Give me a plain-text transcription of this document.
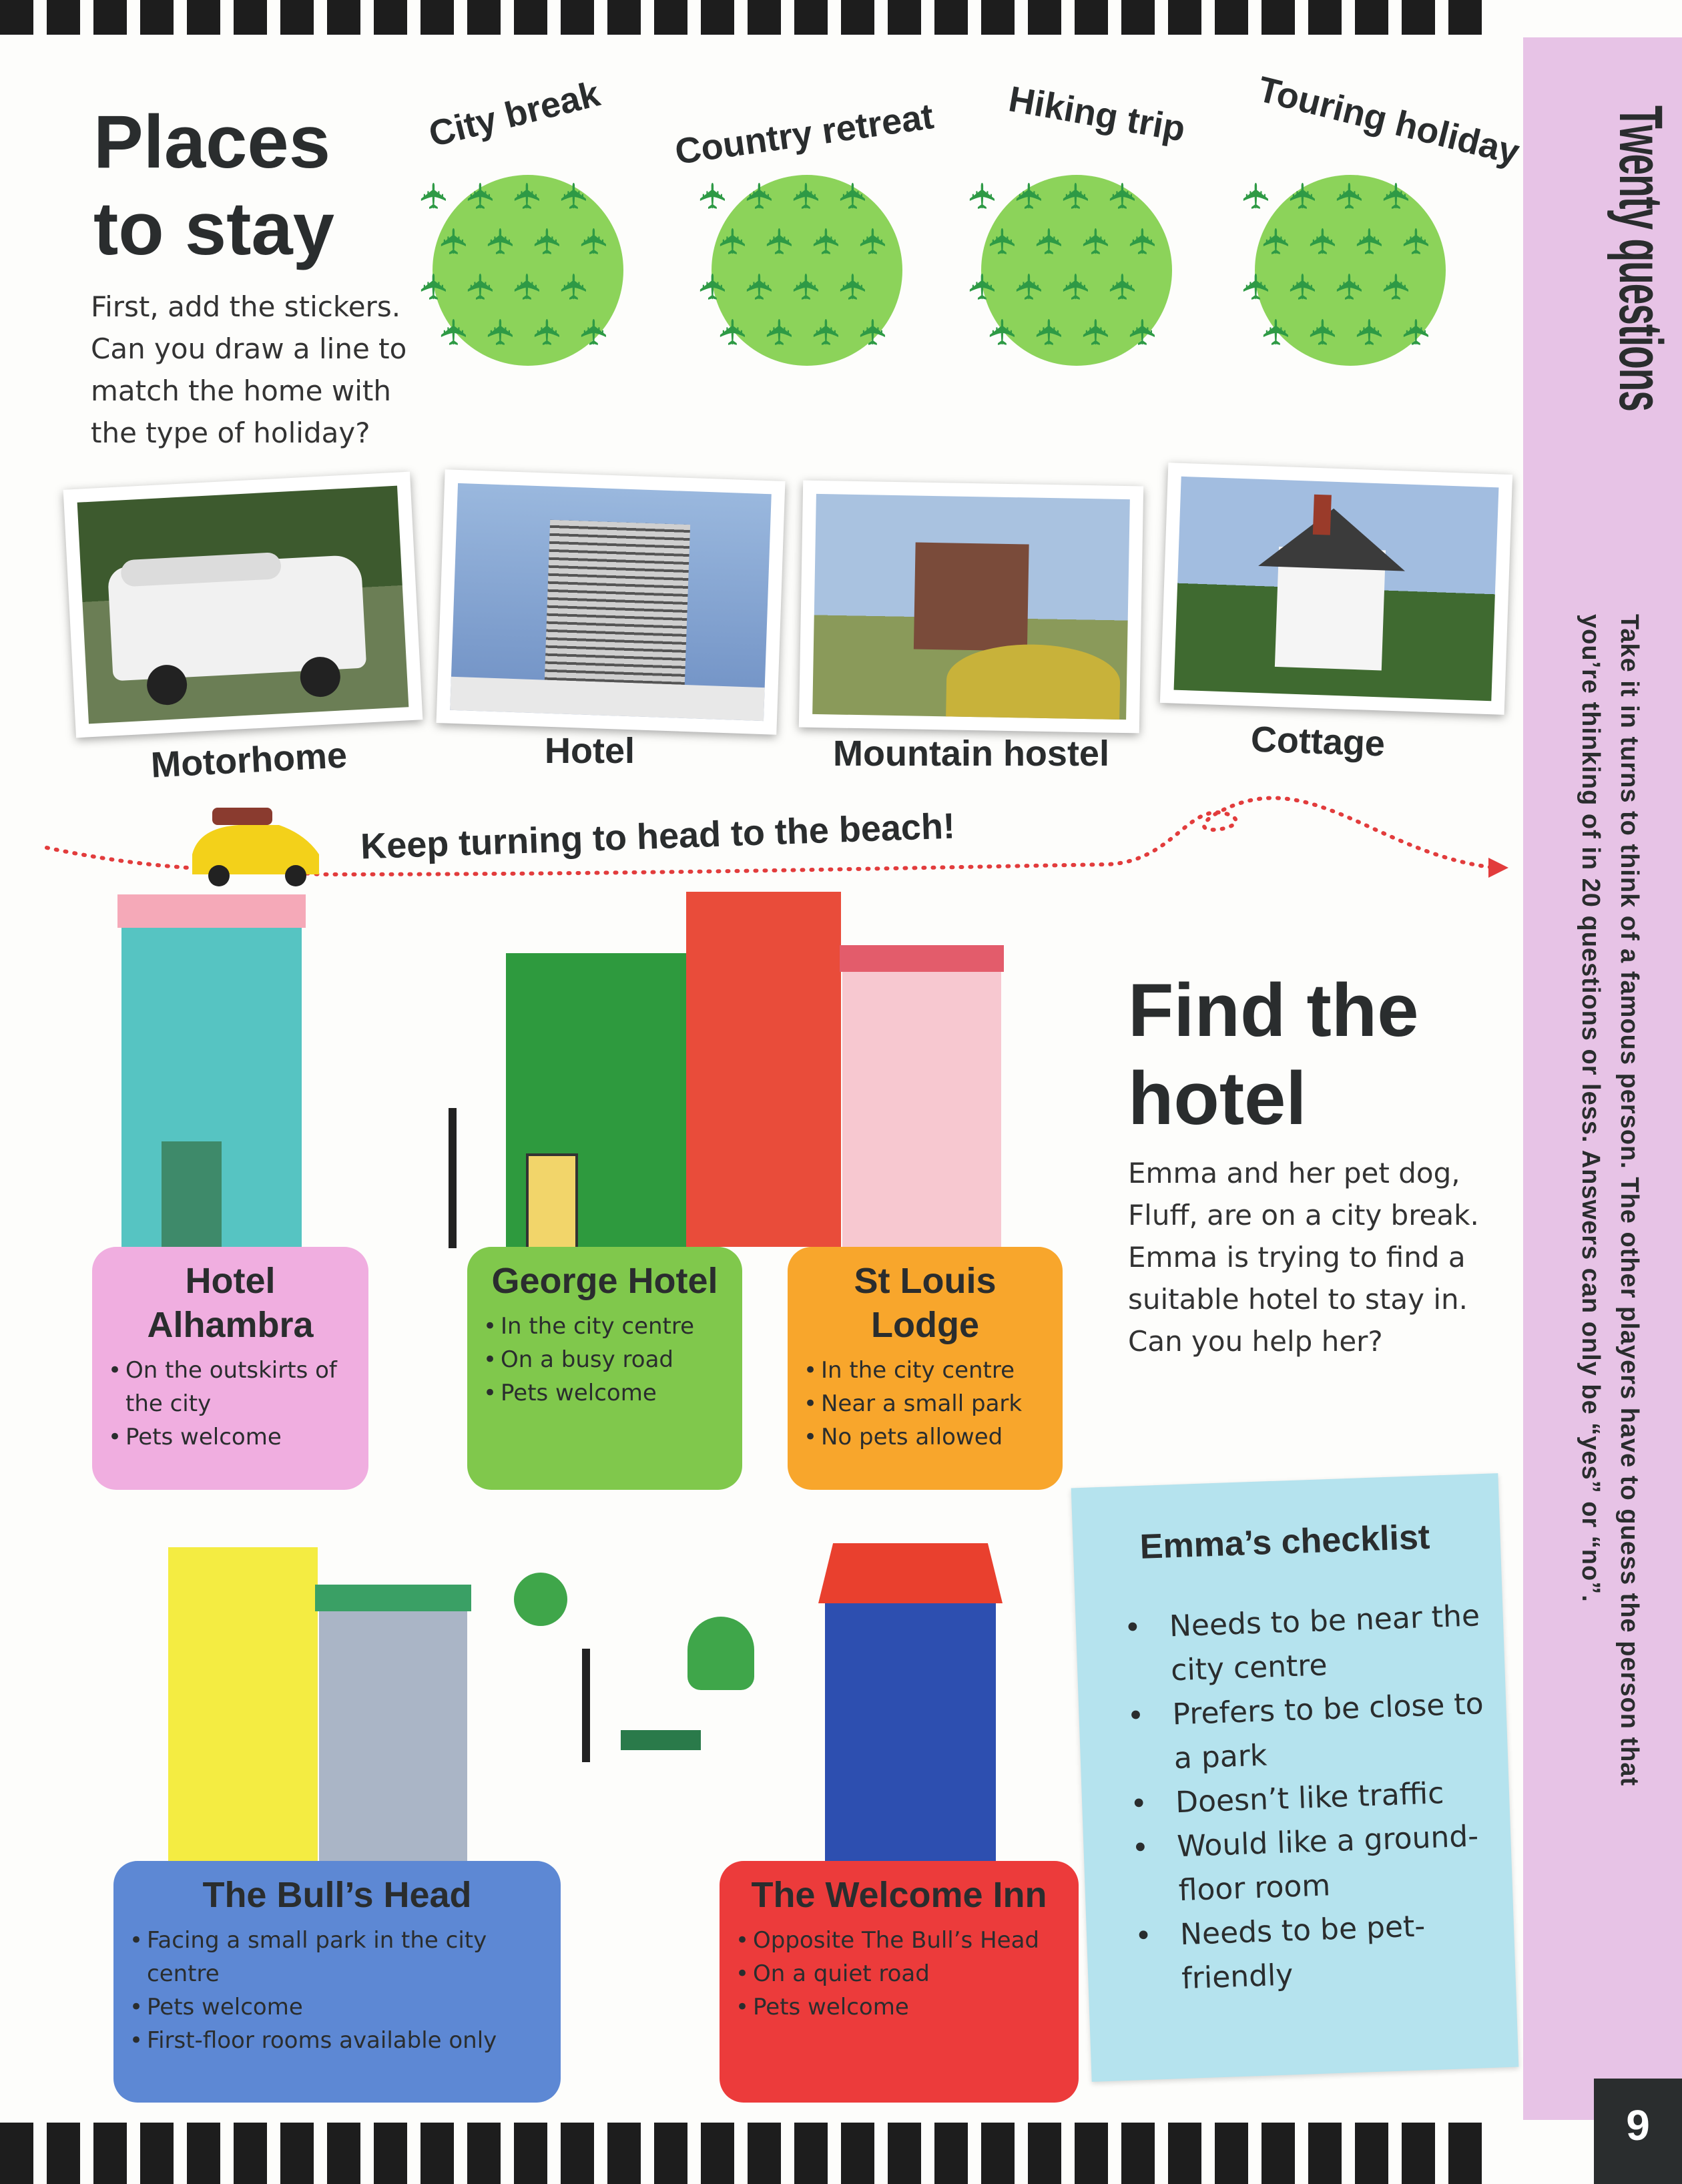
Twenty questions
Take it in turns to think of a famous person. The other players have to guess the person that you’re thinking of in 20 questions or less. Answers can only be “yes” or “no”.
9
Places
to stay
First, add the stickers. Can you draw a line to match the home with the type of holiday?
City break Country retreat Hiking trip Touring holiday
✈ ✈ ✈ ✈
✈ ✈ ✈ ✈
✈ ✈ ✈ ✈
✈ ✈ ✈ ✈
✈ ✈ ✈ ✈
✈ ✈ ✈ ✈
✈ ✈ ✈ ✈
✈ ✈ ✈ ✈
✈ ✈ ✈ ✈
✈ ✈ ✈ ✈
✈ ✈ ✈ ✈
✈ ✈ ✈ ✈
✈ ✈ ✈ ✈
✈ ✈ ✈ ✈
✈ ✈ ✈ ✈
✈ ✈ ✈ ✈
Motorhome	Hotel	Mountain hostel	Cottage
Keep turning to head to the beach!
Hotel Alhambra
• On the outskirts of the city
• Pets welcome
George Hotel
• In the city centre
• On a busy road
• Pets welcome
St Louis Lodge
• In the city centre
• Near a small park
• No pets allowed
The Bull’s Head
• Facing a small park in the city centre
• Pets welcome
• First-floor rooms available only
The Welcome Inn
• Opposite The Bull’s Head
• On a quiet road
• Pets welcome
Find the
hotel
Emma and her pet dog, Fluff, are on a city break. Emma is trying to find a suitable hotel to stay in. Can you help her?
Emma’s checklist
• Needs to be near the city centre
• Prefers to be close to a park
• Doesn’t like traffic
• Would like a ground-floor room
• Needs to be pet-friendly
